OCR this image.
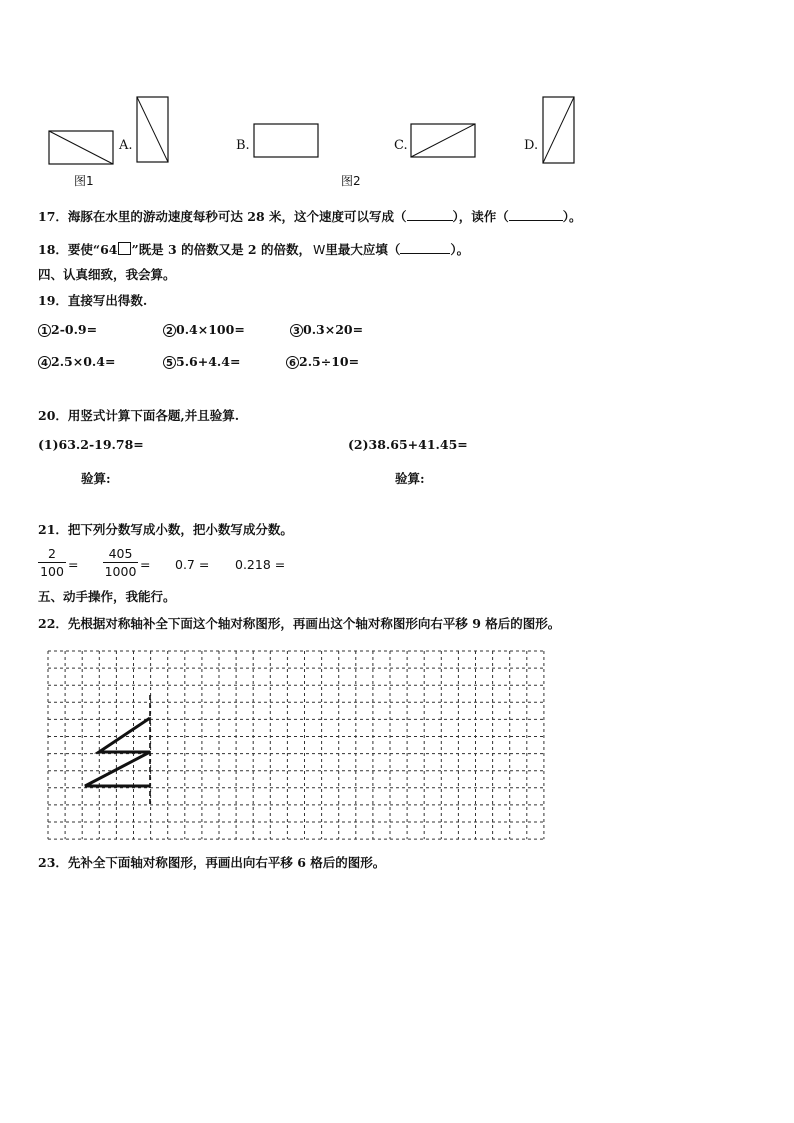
图1
A.	B.
图2
C.	D.
17．海豚在水里的游动速度每秒可达 28 米，这个速度可以写成（	），读作（	）。
18．要使“64 ”既是 3 的倍数又是 2 的倍数， W里最大应填（	）。
四、认真细致，我会算。
19．直接写出得数.
1 2-0.9=	2 0.4×100=	3 0.3×20=
4 2.5×0.4=	5 5.6+4.4=	6 2.5÷10=
20．用竖式计算下面各题,并且验算.
(1)63.2-19.78=	(2)38.65+41.45=
验算:	验算:
21．把下列分数写成小数，把小数写成分数。
$\frac{2}{100} = \frac{405}{1000} = 0.7 = 0.218$ =
五、动手操作，我能行。
22．先根据对称轴补全下面这个轴对称图形，再画出这个轴对称图形向右平移 9 格后的图形。
23．先补全下面轴对称图形，再画出向右平移 6 格后的图形。
